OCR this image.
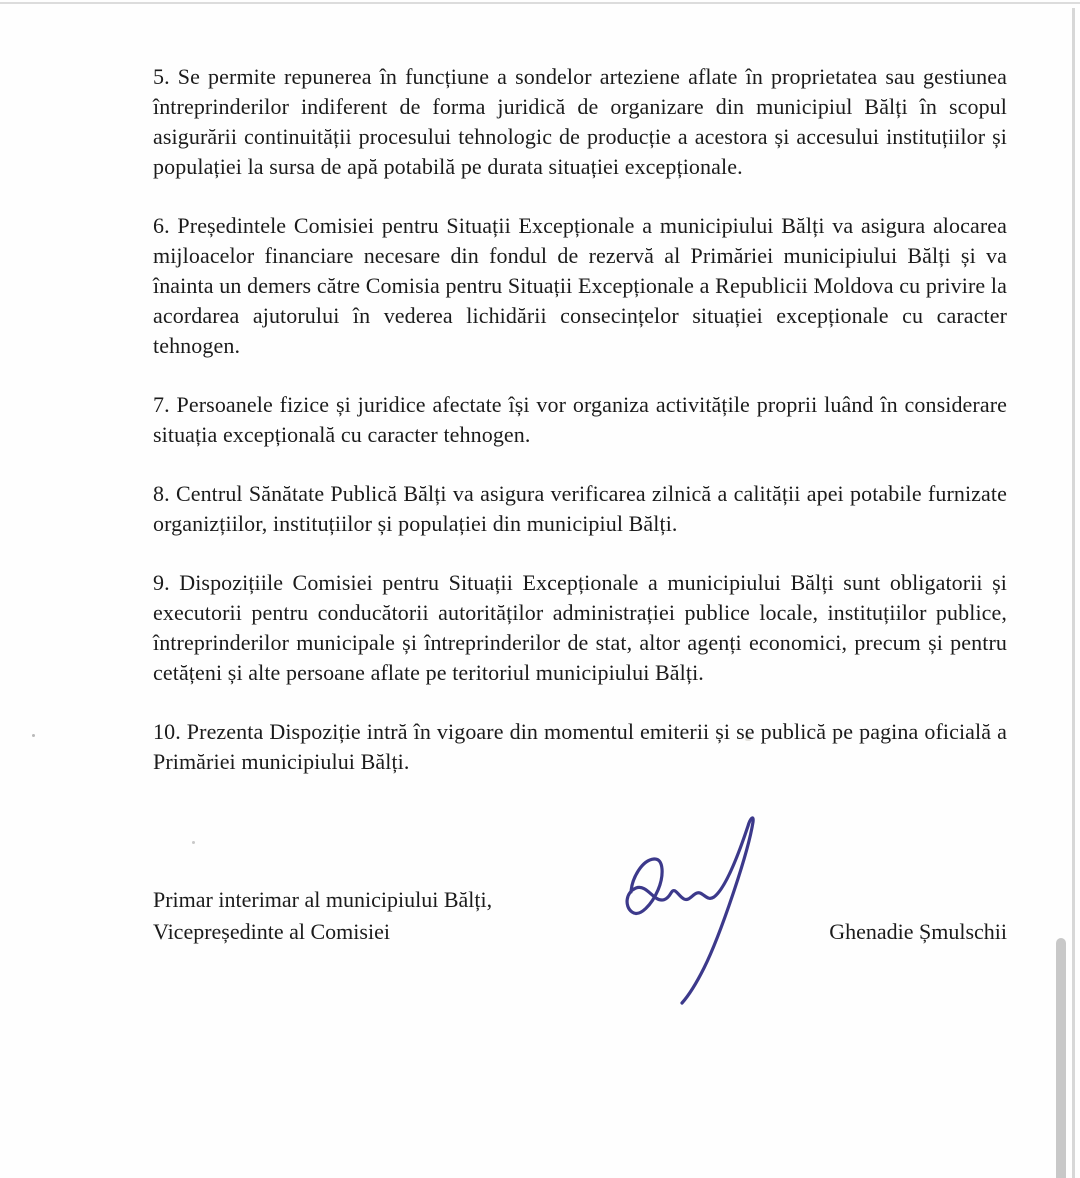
5. Se permite repunerea în funcțiune a sondelor arteziene aflate în proprietatea sau gestiunea întreprinderilor indiferent de forma juridică de organizare din municipiul Bălți în scopul asigurării continuității procesului tehnologic de producție a acestora și accesului instituțiilor și populației la sursa de apă potabilă pe durata situației excepționale.

6. Președintele Comisiei pentru Situații Excepționale a municipiului Bălți va asigura alocarea mijloacelor financiare necesare din fondul de rezervă al Primăriei municipiului Bălți și va înainta un demers către Comisia pentru Situații Excepționale a Republicii Moldova cu privire la acordarea ajutorului în vederea lichidării consecințelor situației excepționale cu caracter tehnogen.

7. Persoanele fizice și juridice afectate își vor organiza activitățile proprii luând în considerare situația excepțională cu caracter tehnogen.

8. Centrul Sănătate Publică Bălți va asigura verificarea zilnică a calității apei potabile furnizate organizțiilor, instituțiilor și populației din municipiul Bălți.

9. Dispozițiile Comisiei pentru Situații Excepționale a municipiului Bălți sunt obligatorii și executorii pentru conducătorii autorităților administrației publice locale, instituțiilor publice, întreprinderilor municipale și întreprinderilor de stat, altor agenți economici, precum și pentru cetățeni și alte persoane aflate pe teritoriul municipiului Bălți.

10. Prezenta Dispoziție intră în vigoare din momentul emiterii și se publică pe pagina oficială a Primăriei municipiului Bălți.

Primar interimar al municipiului Bălți,
Vicepreședinte al Comisiei	Ghenadie Șmulschii
